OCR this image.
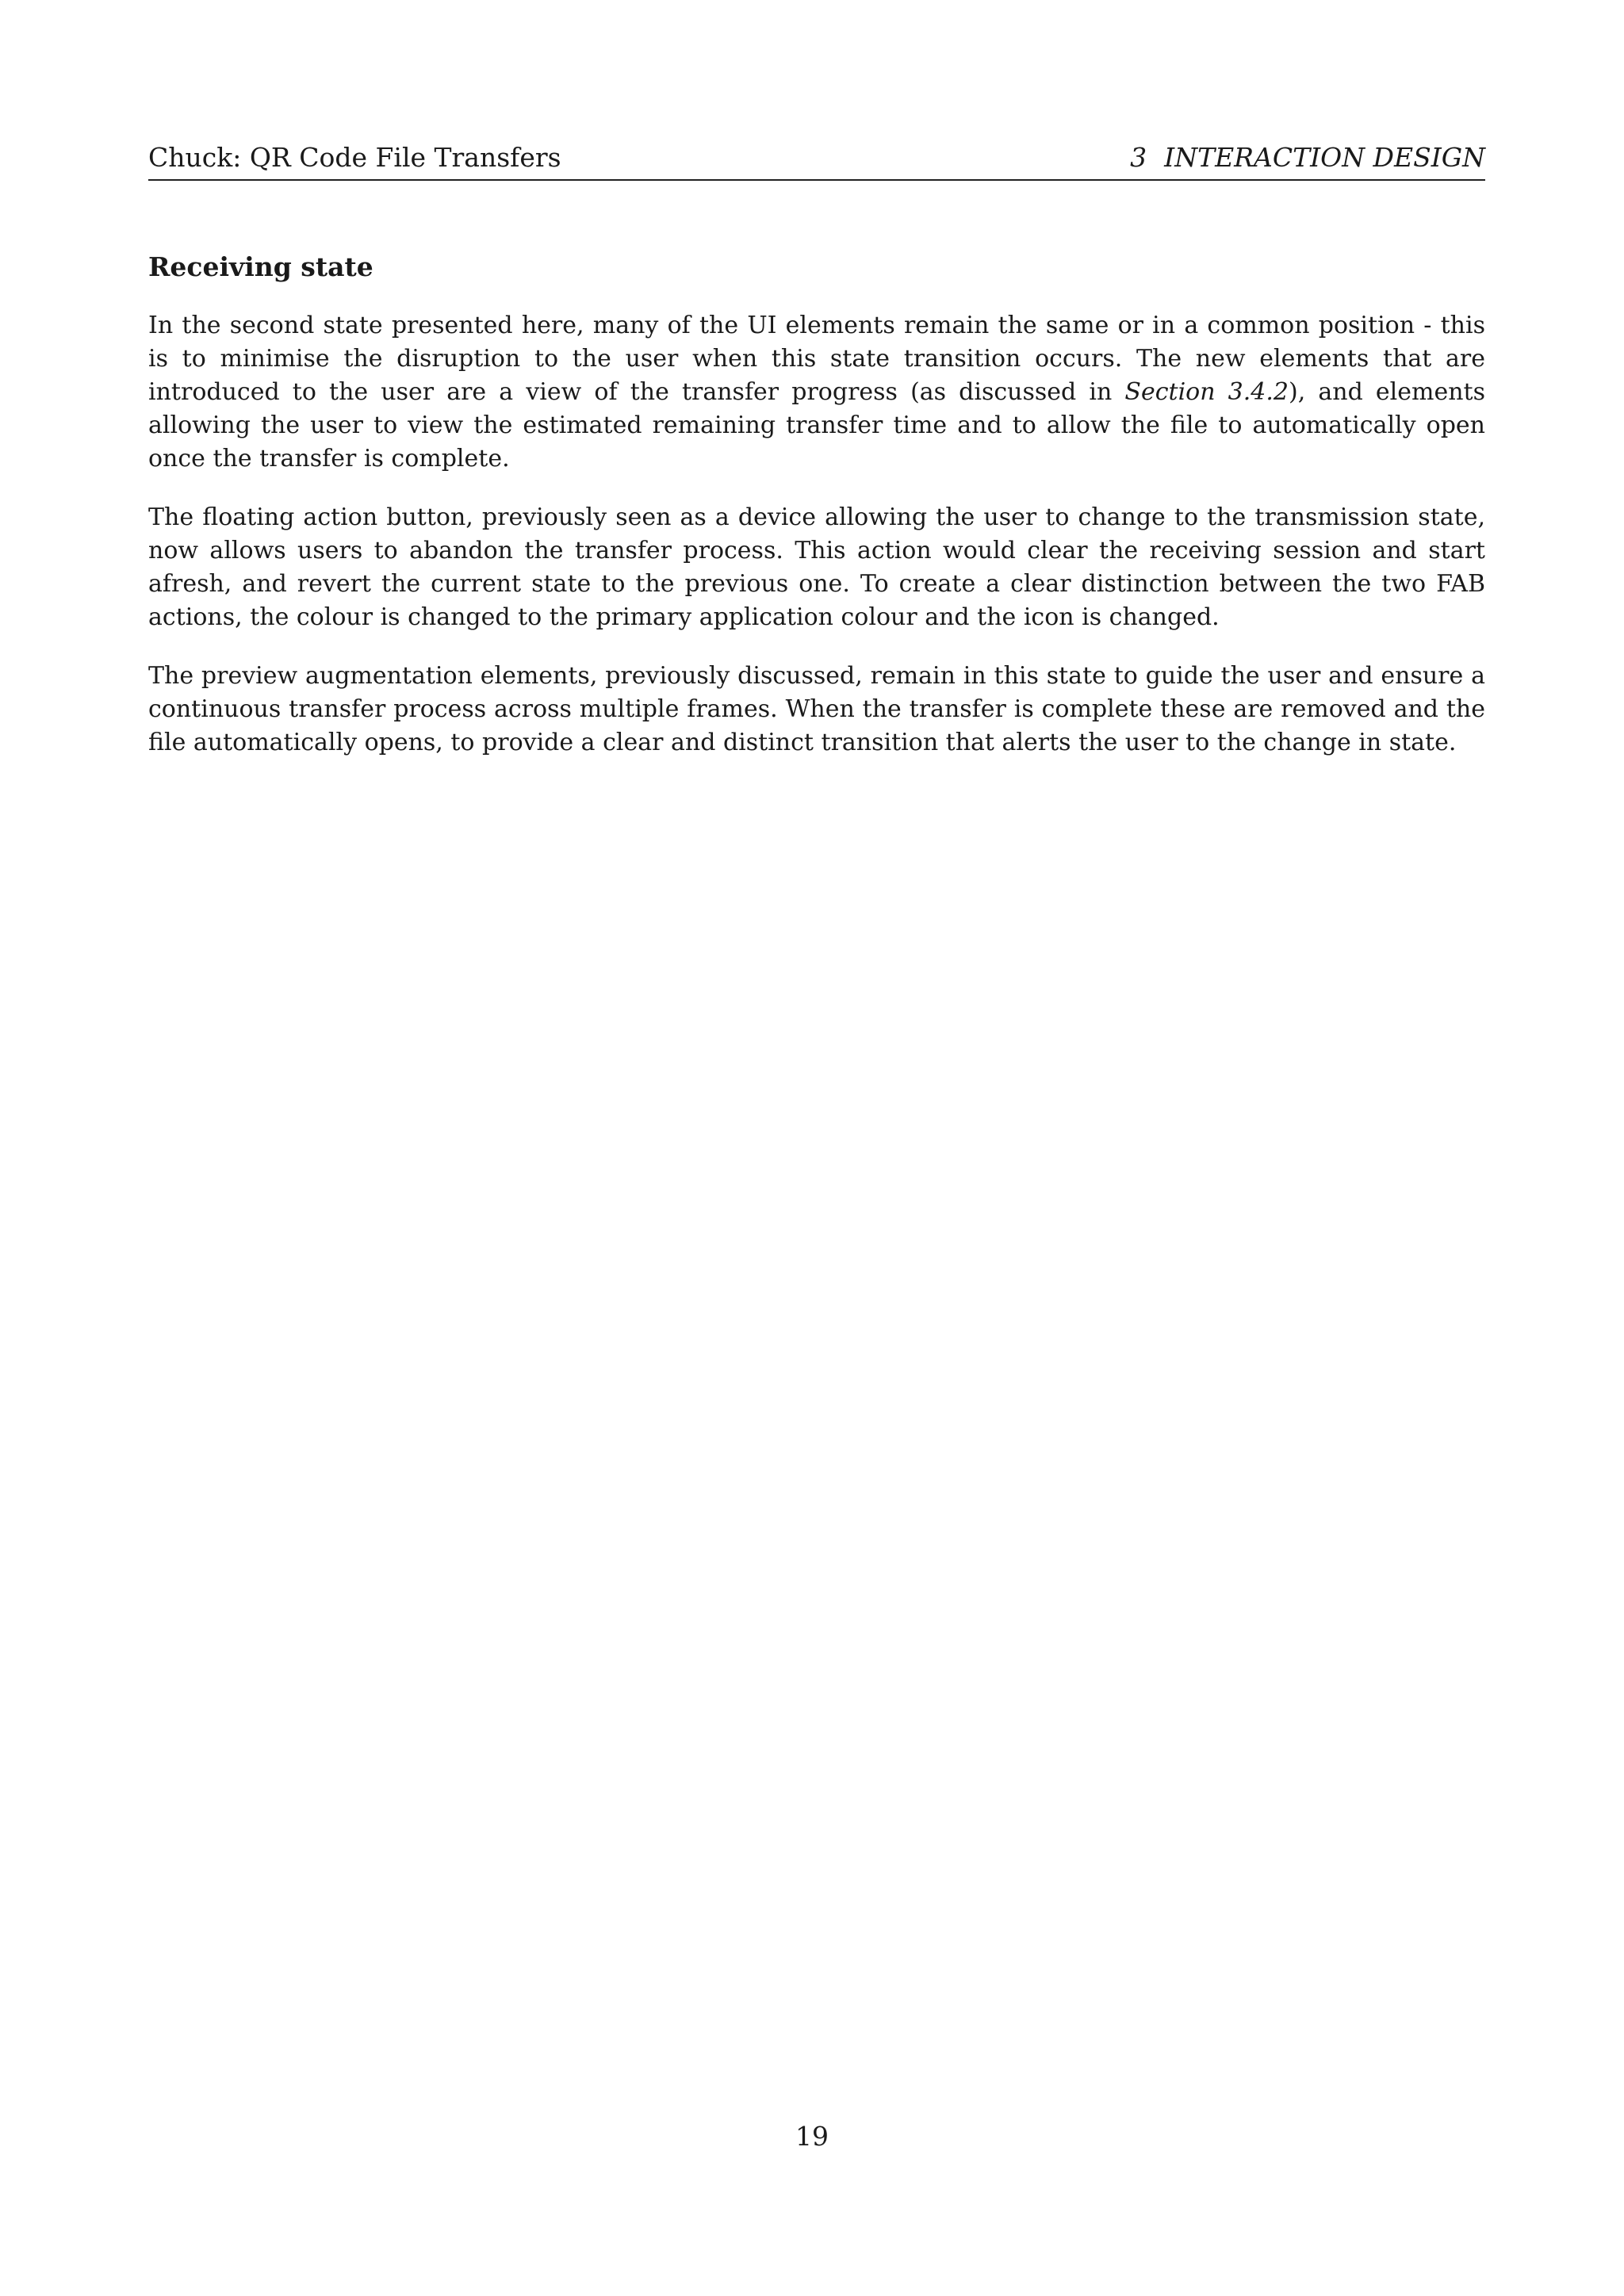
Chuck: QR Code File Transfers	3 INTERACTION DESIGN
Receiving state

In the second state presented here, many of the UI elements remain the same or in a common position - this is to minimise the disruption to the user when this state transition occurs. The new elements that are introduced to the user are a view of the transfer progress (as discussed in Section 3.4.2), and elements allowing the user to view the estimated remaining transfer time and to allow the file to automatically open once the transfer is complete.

The floating action button, previously seen as a device allowing the user to change to the transmission state, now allows users to abandon the transfer process. This action would clear the receiving session and start afresh, and revert the current state to the previous one. To create a clear distinction between the two FAB actions, the colour is changed to the primary application colour and the icon is changed.

The preview augmentation elements, previously discussed, remain in this state to guide the user and ensure a continuous transfer process across multiple frames. When the transfer is complete these are removed and the file automatically opens, to provide a clear and distinct transition that alerts the user to the change in state.

19
